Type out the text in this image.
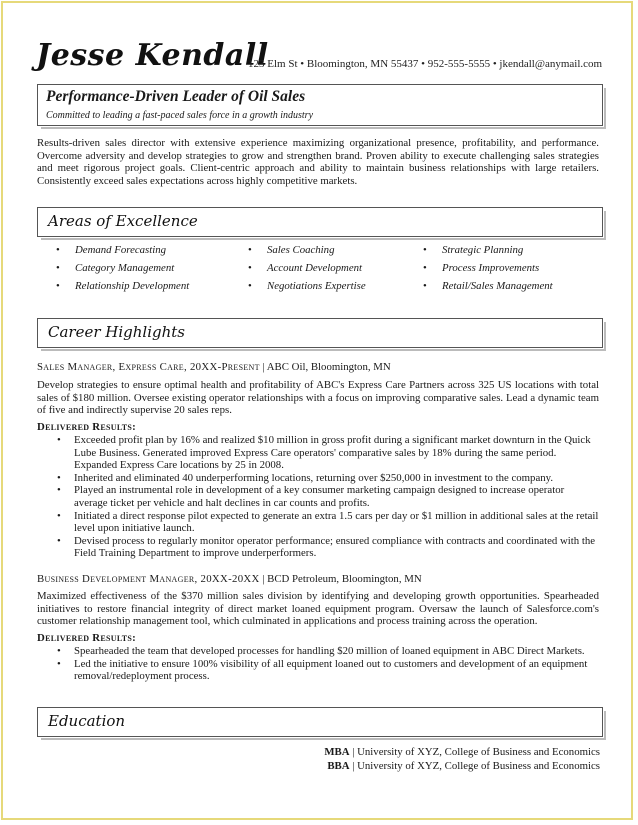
Jesse Kendall
123 Elm St • Bloomington, MN 55437 • 952-555-5555 • jkendall@anymail.com
Performance-Driven Leader of Oil Sales
Committed to leading a fast-paced sales force in a growth industry

Results-driven sales director with extensive experience maximizing organizational presence, profitability, and performance. Overcome adversity and develop strategies to grow and strengthen brand. Proven ability to execute challenging sales strategies and meet rigorous project goals. Client-centric approach and ability to maintain business relationships with large retailers. Consistently exceed sales expectations across highly competitive markets.

Areas of Excellence
• Demand Forecasting	• Sales Coaching	• Strategic Planning
• Category Management	• Account Development	• Process Improvements
• Relationship Development	• Negotiations Expertise	• Retail/Sales Management
Career Highlights
Sales Manager, Express Care, 20XX-Present | ABC Oil, Bloomington, MN

Develop strategies to ensure optimal health and profitability of ABC's Express Care Partners across 325 US locations with total sales of $180 million. Oversee existing operator relationships with a focus on improving comparative sales. Lead a dynamic team of five and indirectly supervise 20 sales reps.

Delivered Results:
• Exceeded profit plan by 16% and realized $10 million in gross profit during a significant market downturn in the Quick Lube Business. Generated improved Express Care operators' comparative sales by 18% during the same period. Expanded Express Care locations by 25 in 2008.
• Inherited and eliminated 40 underperforming locations, returning over $250,000 in investment to the company.
• Played an instrumental role in development of a key consumer marketing campaign designed to increase operator average ticket per vehicle and halt declines in car counts and profits.
• Initiated a direct response pilot expected to generate an extra 1.5 cars per day or $1 million in additional sales at the retail level upon initiative launch.
• Devised process to regularly monitor operator performance; ensured compliance with contracts and coordinated with the Field Training Department to improve underperformers.
Business Development Manager, 20XX-20XX | BCD Petroleum, Bloomington, MN

Maximized effectiveness of the $370 million sales division by identifying and developing growth opportunities. Spearheaded initiatives to restore financial integrity of direct market loaned equipment program. Oversaw the launch of Salesforce.com's customer relationship management tool, which culminated in applications and process training across the operation.

Delivered Results:
• Spearheaded the team that developed processes for handling $20 million of loaned equipment in ABC Direct Markets.
• Led the initiative to ensure 100% visibility of all equipment loaned out to customers and development of an equipment removal/redeployment process.
Education
MBA | University of XYZ, College of Business and Economics
BBA | University of XYZ, College of Business and Economics
